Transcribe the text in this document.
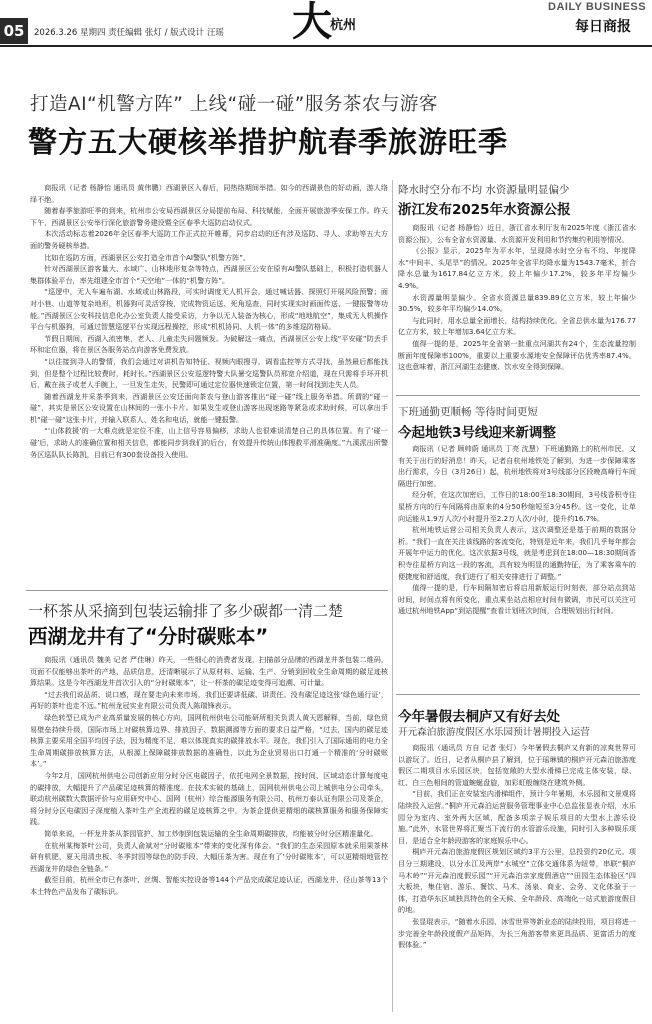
05	2026.3.26 星期四 责任编辑 张灯 / 版式设计 汪瑶 大
杭州
DAILY BUSINESS
每日商报
打造AI“机警方阵” 上线“碰一碰”服务茶农与游客
警方五大硬核举措护航春季旅游旺季

商报讯（记者 杨静怡 通讯员 黄伟鹏）西湖景区入春后，同热络期间举措。如今的西湖景色的好动画，游人络绎不绝。

随着春季旅游旺季的到来，杭州市公安局西湖景区分局提前布局、科技赋能，全面开展旅游季安保工作。昨天下午，西湖景区公安举行深化旅游警务建设暨全区春季大巡防启动仪式。

本次活动标志着2026年全区春季大巡防工作正式拉开帷幕，同步启动的还有涉及巡防、寻人、求助等五大方面的警务硬核举措。

比如在巡防方面，西湖景区公安打造全市首个AI警队“机警方阵”。

针对西湖景区游客量大、水域广、山林地形复杂等特点，西湖景区公安在原有AI警队基础上，积极打造机器人集群体验平台，率先组建全市首个“天空地”一体的“机警方阵”。

“巡逻中，无人车遍布湖、水域或山林路段，可实时调度无人机开会，通过喊话器、探照灯开展风险预警；面对小巷、山道等复杂地形，机器狗可灵活穿梭，完成物资运送、死角巡查，同时实现实时画面传送、一键报警等功能。”西湖景区公安科技信息化办公室负责人接受采访，力争以无人装备为核心，形成“地地航空”，集成无人机操作平台与机器狗，可通过智慧巡逻平台实现远程操控，形成“机机协同、人机一体”的多维巡防格局。

节假日期间，西湖入流密集，老人、儿童走失问题频发。为破解这一痛点，西湖景区公安上线“平安碰”防丢手环和定位器，将在景区各服务站点向游客免费发放。

“以往接到寻人的警情，我们会通过对讲机告知特征、视频内眼搜寻，调看监控等方式寻找，虽然最后都能找到，但是整个过程比较费时，耗时长。”西湖景区公安巡逻特警大队暑交巡警队员邢宽介绍道，现在只需将手环开机后，戴在孩子或老人手腕上，一旦发生走失，民警即可通过定位器快速锁定位置，第一时间找到走失人员。

随着西湖龙井采茶季到来，西湖景区公安还面向茶农与登山游客推出“碰一碰”线上服务举措。所谓的“碰一碰”，其实是景区公安设置在山林间的一张小卡片。如果发生或登山游客出现迷路等紧急或求助时候，可以拿出手机“碰一碰”这张卡片，并输入联系人、姓名和电话，就能一键报警。

“‘山体救援’的一大难点就是定位不准，山上信号容易偏移，求助人也很难说清楚自己的具体位置。有了‘碰一碰’后，求助人的准确位置和相关信息，都能同步到我们的后台，有效提升传统山体搜救平滑准确度。”九溪派出所警务区巡队队长陈凯，目前已有300套设备投入使用。

降水时空分布不均 水资源量明显偏少
浙江发布2025年水资源公报

商报讯（记者 杨静怡）近日，浙江省水利厅发布2025年度《浙江省水资源公报》，公布全省水资源量、水资源开发利用和节约集约利用等情况。

《公报》显示，2025年为平水年，呈现降水时空分布不均、年度降水“中间丰、头尾旱”的情况。2025年全省平均降水量为1543.7毫米，折合降水总量为1617.84亿立方米，较上年偏少17.2%，较多年平均偏少4.9%。

水资源量明显偏少。全省水资源总量839.89亿立方米，较上年偏少30.5%，较多年平均偏少14.0%。

与此同时，用水总量全面增长，结构持续优化。全省总供水量为176.77亿立方米，较上年增加3.64亿立方米。

值得一提的是，2025年全省第一批重点河湖共有24个，生态流量控制断面年度保障率100%，重要以上重要水源地安全保障评估优秀率87.4%。这也意味着，浙江河湖生态健康、饮水安全得到保障。

下班通勤更顺畅 等待时间更短
今起地铁3号线迎来新调整

商报讯（记者 顾帅蔚 通讯员 丁亮 沈慧）下班通勤路上的杭州市民，又有关于出行的好消息！昨天，记者自杭州地铁处了解到，为进一步保障乘客出行需求，今日（3月26日）起，杭州地铁将对3号线部分区段晚高峰行车间隔进行加密。

经分析，在这次加密后，工作日的18:00至18:30期间，3号线香积寺往星桥方向的行车间隔将由原来的4分50秒缩短至3分45秒。这一变化，让单向运能从1.9万人次/小时提升至2.2万人次/小时，提升约16.7%。

杭州地铁运营公司相关负责人表示，这次调整还是基于前期的数据分析。“我们一直在关注该线路的客流变化，特别是近年来，我们几乎每年都会开展年中运力的优化。这次依据3号线，就是考虑到在18:00—18:30期间香积寺往星桥方向这一段的客流，具有较为明显的通勤特征，为了乘客乘车的便捷度和舒适度，我们进行了相关安排进行了调整。”

值得一提的是，行车间隔加密后将启用新版运行时刻表，部分站点到站时间，时间点将有所变化，重点乘坐站点相应时间有微调，市民可以关注可通过杭州地铁App“到站提醒”查看计划班次时间，合理规划出行时间。

今年暑假去桐庐又有好去处
开元森泊旅游度假区水乐园预计暑期投入运营

商报讯（通讯员 方自 记者 张灯）今年暑假去桐庐又有新的凉爽世界可以游玩了。近日，记者从桐庐县了解到，位于瑶琳镇的桐庐开元森泊旅游度假区二期项目水乐园区块，包括宽敞的大型水滑梯已完成主体安装，绿、红、白三色相间的管道蜿蜒盘旋，加彩虹般缠绕在建筑外侧。

“目前，我们正在安装室内滑梯组件，预计今年暑期，水乐园和文景观将陆续投入运营。”桐庐开元森泊运营服务管理事业中心总监张显表介绍，水乐园分为室内、室外两大区域，配备多项亲子娱乐项目的大型水上游乐设施。”此外，水管世界将汇聚当下流行的水管游乐设施，同时引入多种娱乐项目，是适合全年龄段游客的家庭娱乐中心。

桐庐开元森泊旅游度假区规划区域约3平方公里，总投资约20亿元。项目分三期建设，以分水江及两岸“水城空”立体交通体系为纽带，串联“桐庐马木岭”“开元森泊度假乐园”“开元森泊亲家度假酒店”“田园生态体验区”四大板块，集住宿、游乐、餐饮、马术、汤泉、商业、会务、文化体验于一体，打造华东区域独具特色的全天候、全年龄段、高端化一站式旅游度假目的地。

张显琨表示，“随着水乐园、冰雪世界等新业态的陆续投用，项目将进一步完善全年龄段度假产品矩阵，为长三角游客带来更具品质、更富活力的度假体验。”

一杯茶从采摘到包装运输排了多少碳都一清二楚
西湖龙井有了“分时碳账本”

商报讯（通讯员 魏美 记者 严佳琳）昨天，一些细心的消费者发现，扫描部分品牌的西湖龙井茶包装二维码，页面不仅能够出茶叶的产地、品质信息，还清晰展示了从原材料、运输、生产、分销到回收全生命周期的碳足迹核算结果。这是今年西湖龙井首次引入的“分时碳账本”，让一杯茶的碳足迹变得可追溯、可计量。

“过去我们说品质、说口感，现在要走向未来市场，我们还要讲低碳、讲责任。没有碳足迹这张‘绿色通行证’，再好的茶叶也走不远。”杭州龙冠实业有限公司负责人陈瑞锋表示。

绿色转型已成为产业高质量发展的核心方向，国网杭州供电公司能研所相关负责人黄天恩解释，当前，绿色贸易壁垒持续升级，国际市场上对碳核算边界、排放因子、数据溯源等方面的要求日益严格，“过去，国内的碳足迹核算主要采用全国平均因子法，因为精度不足，难以体现真实的碳排放水平。现在，我们引入了国际通用的电力全生命周期碳排放核算方法，从根源上保障碳排放数据的准确性，以此为企业贸易出口打通一个精准的‘分时碳账本’。”

今年2月，国网杭州供电公司创新应用分时分区电碳因子，依托电网全景数据，按时间、区域动态计算每度电的碳排放，大幅提升了产品碳足迹核算的精准度。在技术实破的基础上，国网杭州供电公司上城供电分公司牵头，联动杭州碳数大数据评价与应用研究中心、国网（杭州）综合能源服务有限公司、杭州万泰认证有限公司及茶企，将分时分区电碳因子深度植入茶叶生产全流程的碳足迹核算之中，为茶企提供更精细的碳核算服务和服务保障实践。

简单来说，一杯龙井茶从茶园管护、加工炒制到包装运输的全生命周期碳排放，均能被分时分区精准量化。

在杭州某梅茶叶公司，负责人俞斌对“分时碳账本”带来的变化深有体会。“我们的生态采园原本就采用果茶林研有机肥，夏天用清虫板、冬季封园等绿色的防手段，大幅压茶为害。现在有了‘分时碳账本’，可以更精细地管控西湖龙井的绿色全链条。”

截至目前，杭州全市已有茶叶、丝绸、智能实控设备等144个产品完成碳足迹认证，西湖龙井、径山茶等13个本土特色产品发布了碳标识。
